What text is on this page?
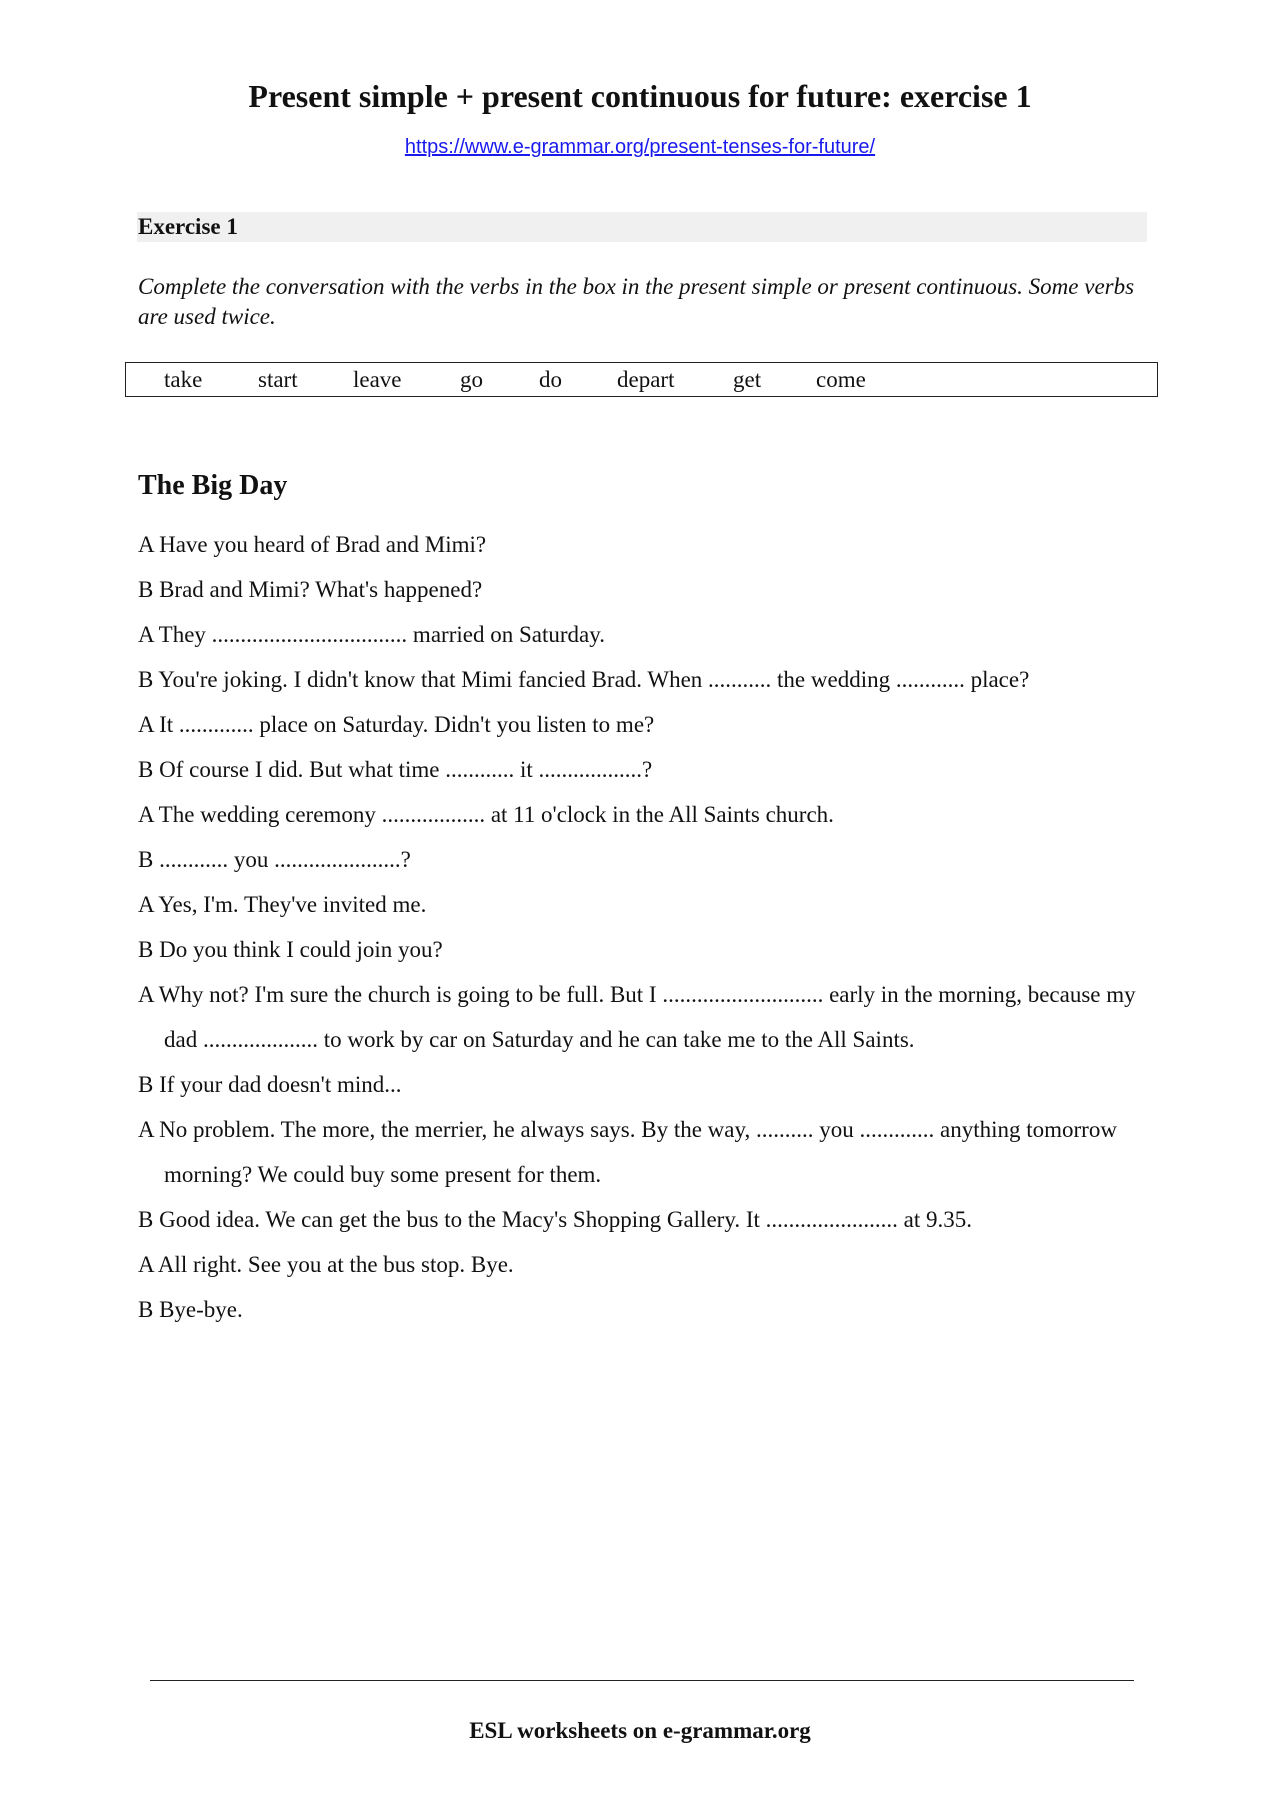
Present simple + present continuous for future: exercise 1
https://www.e-grammar.org/present-tenses-for-future/
Exercise 1

Complete the conversation with the verbs in the box in the present simple or present continuous. Some verbs are used twice.

take start leave	go do depart	get come
The Big Day
A Have you heard of Brad and Mimi?
B Brad and Mimi? What's happened?
A They .................................. married on Saturday.
B You're joking. I didn't know that Mimi fancied Brad. When ........... the wedding ............ place?
A It ............. place on Saturday. Didn't you listen to me?
B Of course I did. But what time ............ it ..................?
A The wedding ceremony .................. at 11 o'clock in the All Saints church.
B ............ you ......................?
A Yes, I'm. They've invited me.
B Do you think I could join you?
A Why not? I'm sure the church is going to be full. But I ............................ early in the morning, because my dad .................... to work by car on Saturday and he can take me to the All Saints.
B If your dad doesn't mind...
A No problem. The more, the merrier, he always says. By the way, .......... you ............. anything tomorrow morning? We could buy some present for them.
B Good idea. We can get the bus to the Macy's Shopping Gallery. It ....................... at 9.35.
A All right. See you at the bus stop. Bye.
B Bye-bye.
ESL worksheets on e-grammar.org
